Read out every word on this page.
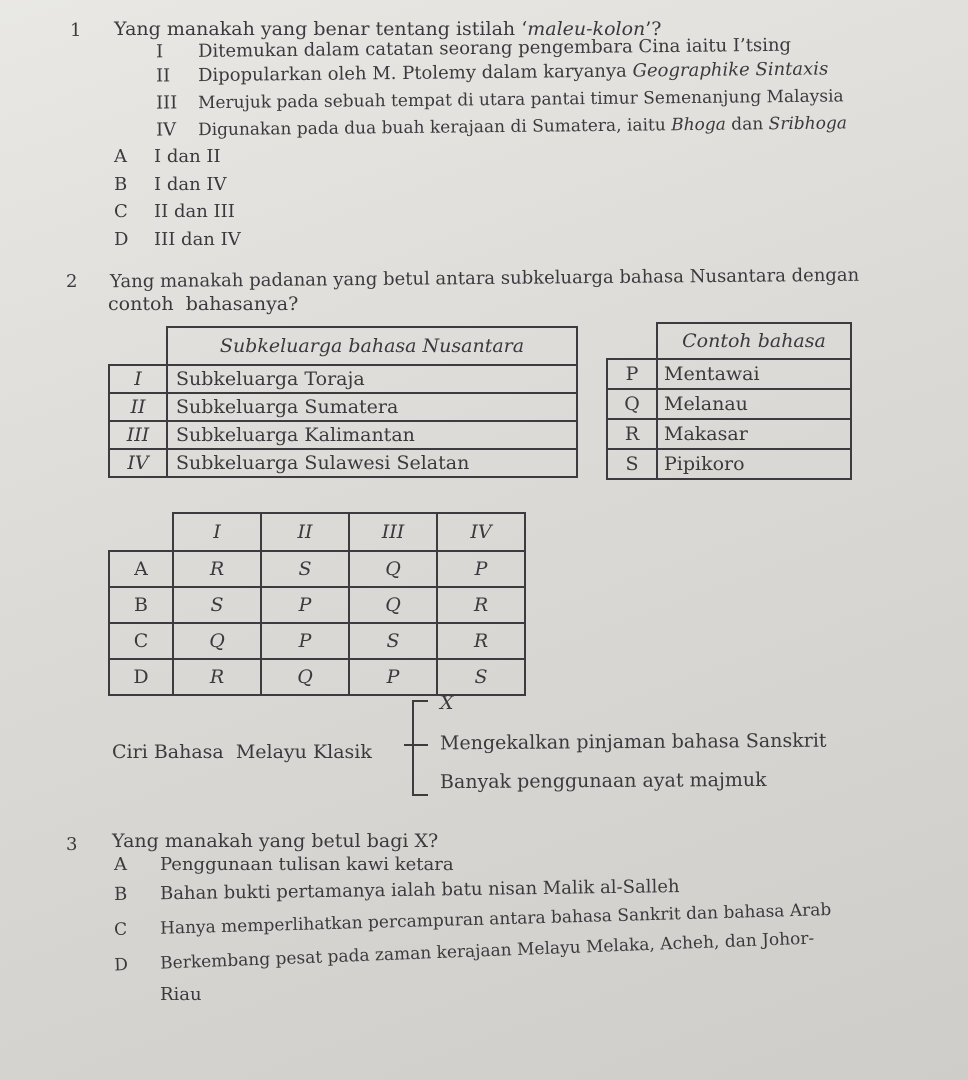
1 Yang manakah yang benar tentang istilah ‘maleu-kolon’?
I Ditemukan dalam catatan seorang pengembara Cina iaitu I’tsing
II Dipopularkan oleh M. Ptolemy dalam karyanya Geographike Sintaxis
III Merujuk pada sebuah tempat di utara pantai timur Semenanjung Malaysia
IV Digunakan pada dua buah kerajaan di Sumatera, iaitu Bhoga dan Sribhoga
A I dan II
B I dan IV
C II dan III
D III dan IV
2 Yang manakah padanan yang betul antara subkeluarga bahasa Nusantara dengan
contoh  bahasanya?
	Subkeluarga bahasa Nusantara
I	Subkeluarga Toraja
II	Subkeluarga Sumatera
III	Subkeluarga Kalimantan
IV	Subkeluarga Sulawesi Selatan
	Contoh bahasa
P	Mentawai
Q	Melanau
R	Makasar
S	Pipikoro
	I	II	III	IV
A	R	S	Q	P
B	S	P	Q	R
C	Q	P	S	R
D	R	Q	P	S
Ciri Bahasa  Melayu Klasik
X
Mengekalkan pinjaman bahasa Sanskrit
Banyak penggunaan ayat majmuk
3 Yang manakah yang betul bagi X?
A Penggunaan tulisan kawi ketara
B Bahan bukti pertamanya ialah batu nisan Malik al-Salleh
C Hanya memperlihatkan percampuran antara bahasa Sankrit dan bahasa Arab
D Berkembang pesat pada zaman kerajaan Melayu Melaka, Acheh, dan Johor-
Riau
